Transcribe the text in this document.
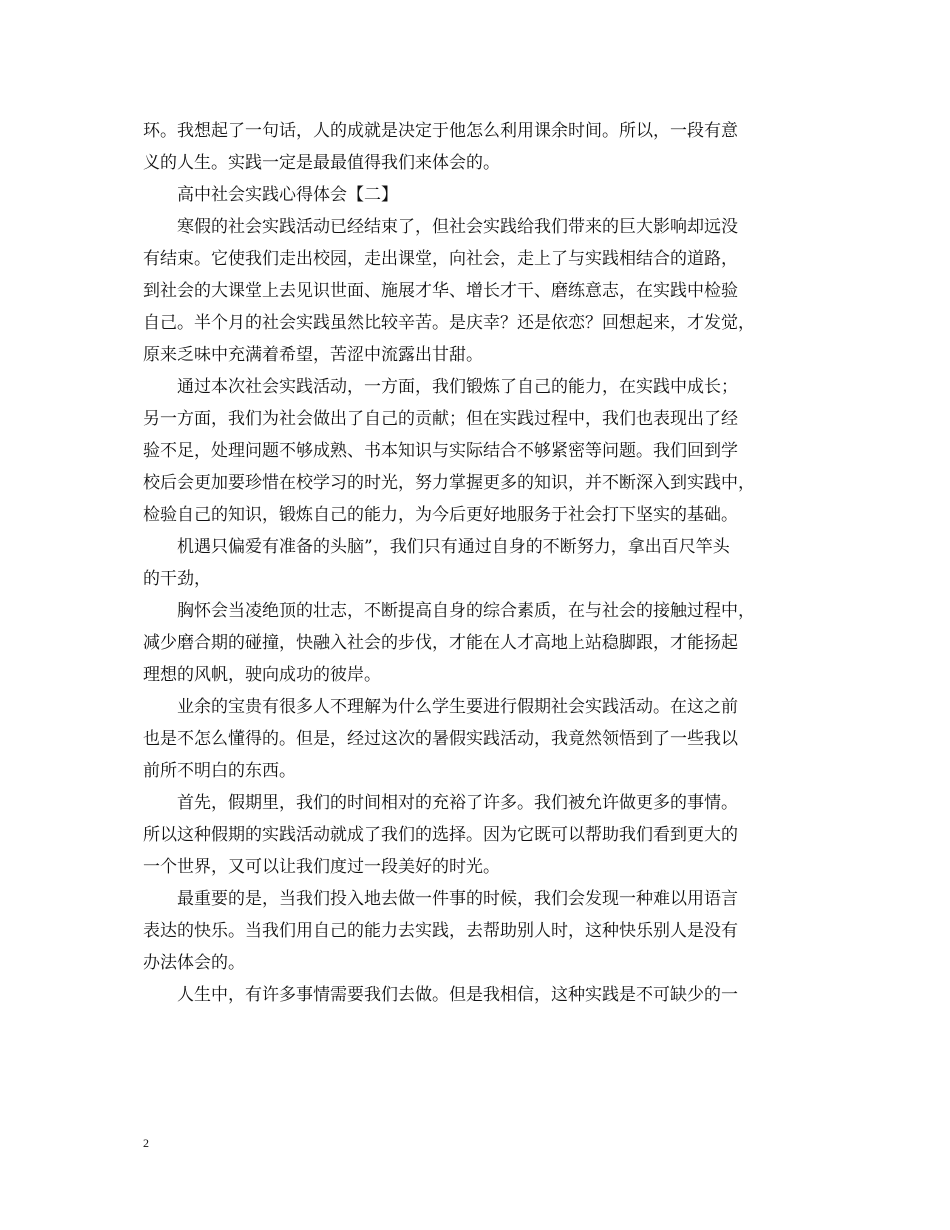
环。我想起了一句话，人的成就是决定于他怎么利用课余时间。所以，一段有意
义的人生。实践一定是最最值得我们来体会的。
高中社会实践心得体会【二】
寒假的社会实践活动已经结束了，但社会实践给我们带来的巨大影响却远没
有结束。它使我们走出校园，走出课堂，向社会，走上了与实践相结合的道路，
到社会的大课堂上去见识世面、施展才华、增长才干、磨练意志，在实践中检验
自己。半个月的社会实践虽然比较辛苦。是庆幸？还是依恋？回想起来，才发觉，
原来乏味中充满着希望，苦涩中流露出甘甜。
通过本次社会实践活动，一方面，我们锻炼了自己的能力，在实践中成长；
另一方面，我们为社会做出了自己的贡献；但在实践过程中，我们也表现出了经
验不足，处理问题不够成熟、书本知识与实际结合不够紧密等问题。我们回到学
校后会更加要珍惜在校学习的时光，努力掌握更多的知识，并不断深入到实践中，
检验自己的知识，锻炼自己的能力，为今后更好地服务于社会打下坚实的基础。
机遇只偏爱有准备的头脑”，我们只有通过自身的不断努力，拿出百尺竿头
的干劲，
胸怀会当凌绝顶的壮志，不断提高自身的综合素质，在与社会的接触过程中，
减少磨合期的碰撞，快融入社会的步伐，才能在人才高地上站稳脚跟，才能扬起
理想的风帆，驶向成功的彼岸。
业余的宝贵有很多人不理解为什么学生要进行假期社会实践活动。在这之前
也是不怎么懂得的。但是，经过这次的暑假实践活动，我竟然领悟到了一些我以
前所不明白的东西。
首先，假期里，我们的时间相对的充裕了许多。我们被允许做更多的事情。
所以这种假期的实践活动就成了我们的选择。因为它既可以帮助我们看到更大的
一个世界，又可以让我们度过一段美好的时光。
最重要的是，当我们投入地去做一件事的时候，我们会发现一种难以用语言
表达的快乐。当我们用自己的能力去实践，去帮助别人时，这种快乐别人是没有
办法体会的。
人生中，有许多事情需要我们去做。但是我相信，这种实践是不可缺少的一
2
